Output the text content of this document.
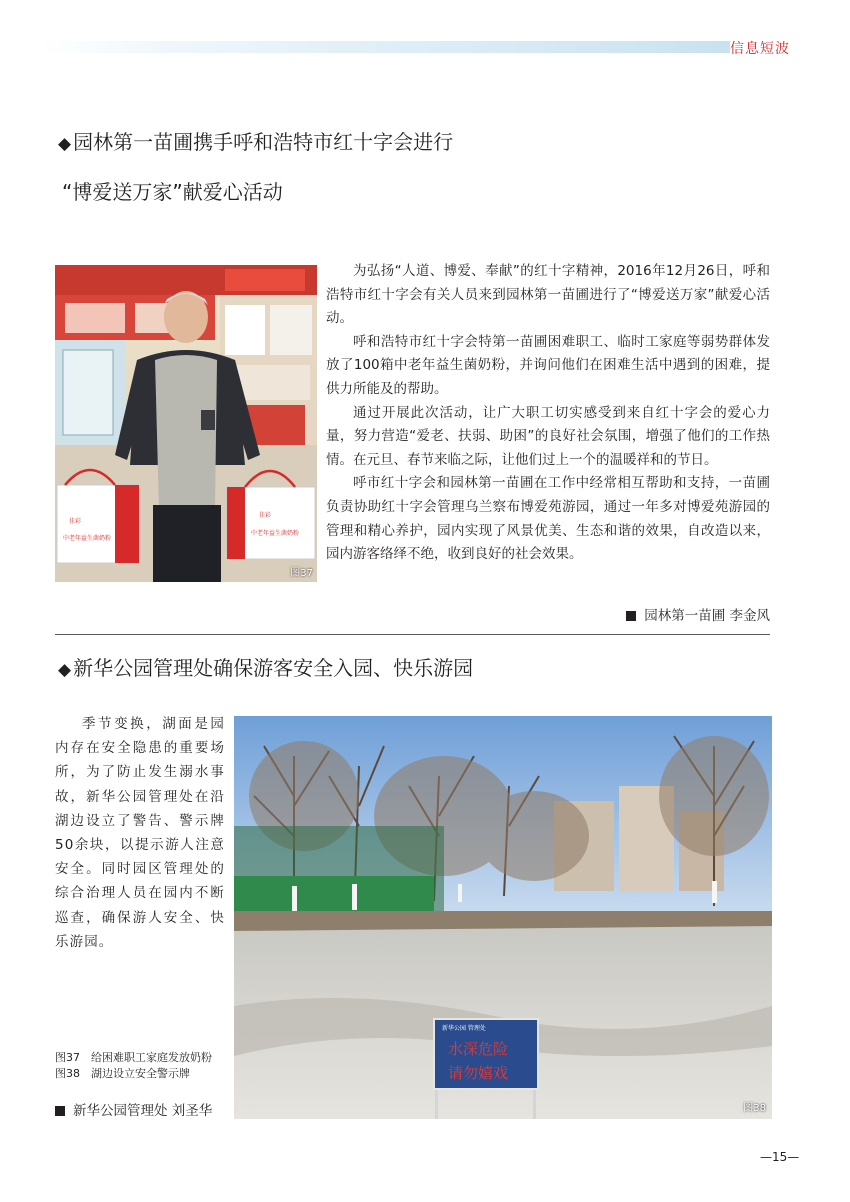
信息短波
◆ 园林第一苗圃携手呼和浩特市红十字会进行
“博爱送万家”献爱心活动
中老年益生菌奶粉
佳彩
中老年益生菌奶粉
佳彩
图37

为弘扬“人道、博爱、奉献”的红十字精神，2016年12月26日，呼和浩特市红十字会有关人员来到园林第一苗圃进行了“博爱送万家”献爱心活动。

呼和浩特市红十字会特第一苗圃困难职工、临时工家庭等弱势群体发放了100箱中老年益生菌奶粉，并询问他们在困难生活中遇到的困难，提供力所能及的帮助。

通过开展此次活动，让广大职工切实感受到来自红十字会的爱心力量，努力营造“爱老、扶弱、助困”的良好社会氛围，增强了他们的工作热情。在元旦、春节来临之际，让他们过上一个的温暖祥和的节日。

呼市红十字会和园林第一苗圃在工作中经常相互帮助和支持，一苗圃负责协助红十字会管理乌兰察布博爱苑游园，通过一年多对博爱苑游园的管理和精心养护，园内实现了风景优美、生态和谐的效果，自改造以来，园内游客络绎不绝，收到良好的社会效果。

园林第一苗圃 李金风
◆ 新华公园管理处确保游客安全入园、快乐游园

季节变换，湖面是园内存在安全隐患的重要场所，为了防止发生溺水事故，新华公园管理处在沿湖边设立了警告、警示牌50余块，以提示游人注意安全。同时园区管理处的综合治理人员在园内不断巡查，确保游人安全、快乐游园。

新华公园 管理处
水深危险
请勿嬉戏
图38
图37　给困难职工家庭发放奶粉
图38　湖边设立安全警示牌
新华公园管理处 刘圣华
—15—
